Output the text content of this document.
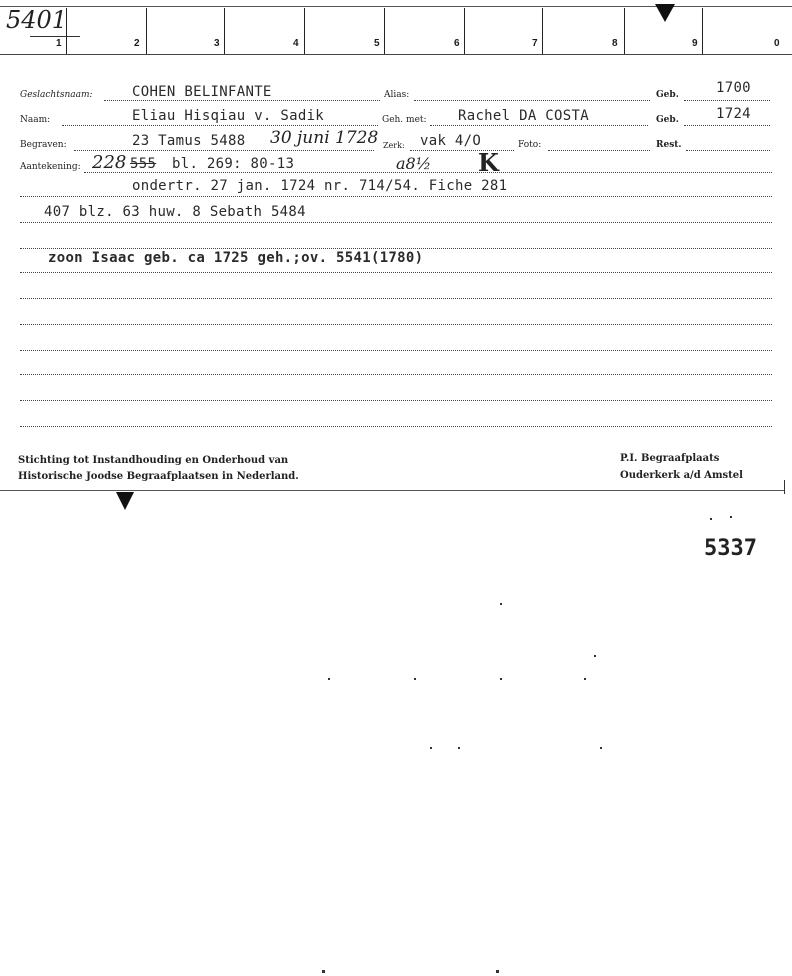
1	2	3	4	5	6	7	8	9	0
5401
Geslachtsnaam:	COHEN BELINFANTE	Alias:	Geb.	1700
Naam:	Eliau Hisqiau v. Sadik	Geh. met: Rachel DA COSTA	Geb.	1724
Begraven:	23 Tamus 5488 30 juni 1728 Zerk: vak 4/O	Foto:	Rest.
Aantekening: 228 555 bl. 269: 80-13	a8½ K
ondertr. 27 jan. 1724 nr. 714/54. Fiche 281
407 blz. 63 huw. 8 Sebath 5484
zoon Isaac geb. ca 1725 geh.;ov. 5541(1780)
Stichting tot Instandhouding en Onderhoud van
Historische Joodse Begraafplaatsen in Nederland.
P.I. Begraafplaats
Ouderkerk a/d Amstel
5337
